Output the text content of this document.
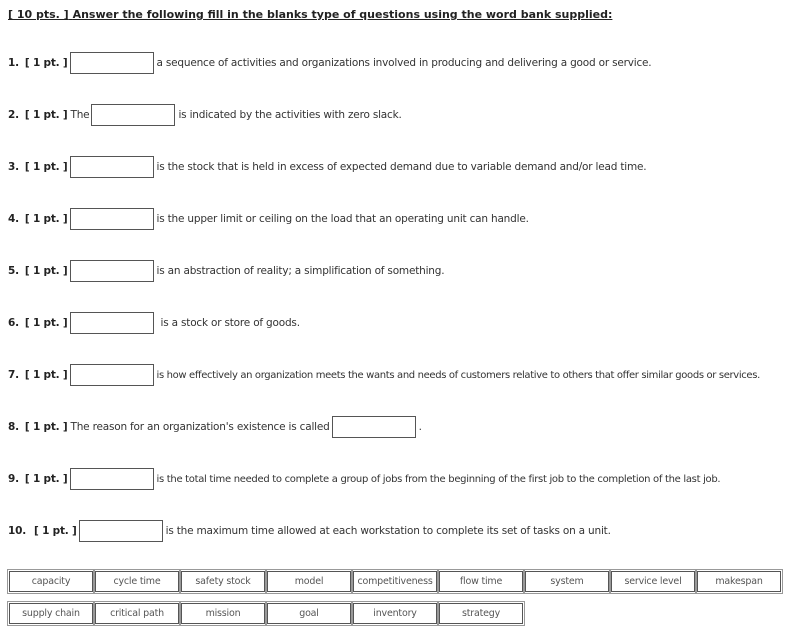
[ 10 pts. ] Answer the following fill in the blanks type of questions using the word bank supplied:
1. [ 1 pt. ]	a sequence of activities and organizations involved in producing and delivering a good or service.
2. [ 1 pt. ] The	is indicated by the activities with zero slack.
3. [ 1 pt. ]	is the stock that is held in excess of expected demand due to variable demand and/or lead time.
4. [ 1 pt. ]	is the upper limit or ceiling on the load that an operating unit can handle.
5. [ 1 pt. ]	is an abstraction of reality; a simplification of something.
6. [ 1 pt. ]	is a stock or store of goods.
7. [ 1 pt. ]	is how effectively an organization meets the wants and needs of customers relative to others that offer similar goods or services.
8. [ 1 pt. ] The reason for an organization's existence is called	.
9. [ 1 pt. ]	is the total time needed to complete a group of jobs from the beginning of the first job to the completion of the last job.
10. [ 1 pt. ]	is the maximum time allowed at each workstation to complete its set of tasks on a unit.
capacity	cycle time	safety stock	model	competitiveness	flow time	system	service level	makespan
supply chain	critical path	mission	goal	inventory	strategy
